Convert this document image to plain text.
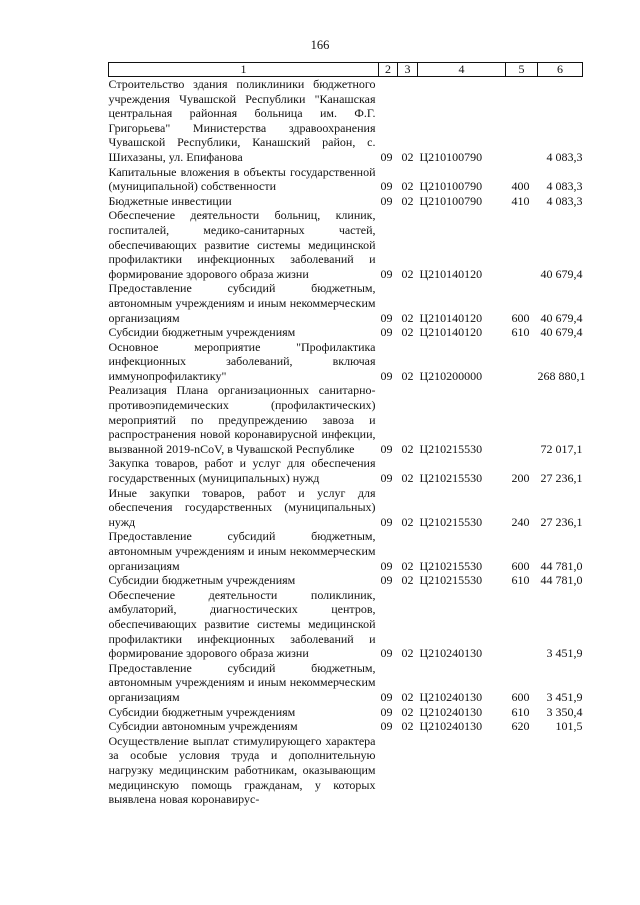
166
1	2	3	4	5	6
Строительство здания поликлиники бюджетного учреждения Чувашской Республики "Канашская центральная районная больница им. Ф.Г. Григорьева" Министерства здравоохранения Чувашской Республики, Канашский район, с. Шихазаны, ул. Епифанова	09	02	Ц210100790		4 083,3
Капитальные вложения в объекты государственной (муниципальной) собственности	09	02	Ц210100790	400	4 083,3
Бюджетные инвестиции	09	02	Ц210100790	410	4 083,3
Обеспечение деятельности больниц, клиник, госпиталей, медико-санитарных частей, обеспечивающих развитие системы медицинской профилактики инфекционных заболеваний и формирование здорового образа жизни	09	02	Ц210140120		40 679,4
Предоставление субсидий бюджетным, автономным учреждениям и иным некоммерческим организациям	09	02	Ц210140120	600	40 679,4
Субсидии бюджетным учреждениям	09	02	Ц210140120	610	40 679,4
Основное мероприятие "Профилактика инфекционных заболеваний, включая иммунопрофилактику"	09	02	Ц210200000		268 880,1
Реализация Плана организационных санитарно-противоэпидемических (профилактических) мероприятий по предупреждению завоза и распространения новой коронавирусной инфекции, вызванной 2019-nCoV, в Чувашской Республике	09	02	Ц210215530		72 017,1
Закупка товаров, работ и услуг для обеспечения государственных (муниципальных) нужд	09	02	Ц210215530	200	27 236,1
Иные закупки товаров, работ и услуг для обеспечения государственных (муниципальных) нужд	09	02	Ц210215530	240	27 236,1
Предоставление субсидий бюджетным, автономным учреждениям и иным некоммерческим организациям	09	02	Ц210215530	600	44 781,0
Субсидии бюджетным учреждениям	09	02	Ц210215530	610	44 781,0
Обеспечение деятельности поликлиник, амбулаторий, диагностических центров, обеспечивающих развитие системы медицинской профилактики инфекционных заболеваний и формирование здорового образа жизни	09	02	Ц210240130		3 451,9
Предоставление субсидий бюджетным, автономным учреждениям и иным некоммерческим организациям	09	02	Ц210240130	600	3 451,9
Субсидии бюджетным учреждениям	09	02	Ц210240130	610	3 350,4
Субсидии автономным учреждениям	09	02	Ц210240130	620	101,5
Осуществление выплат стимулирующего характера за особые условия труда и дополнительную нагрузку медицинским работникам, оказывающим медицинскую помощь гражданам, у которых выявлена новая коронавирус-					
